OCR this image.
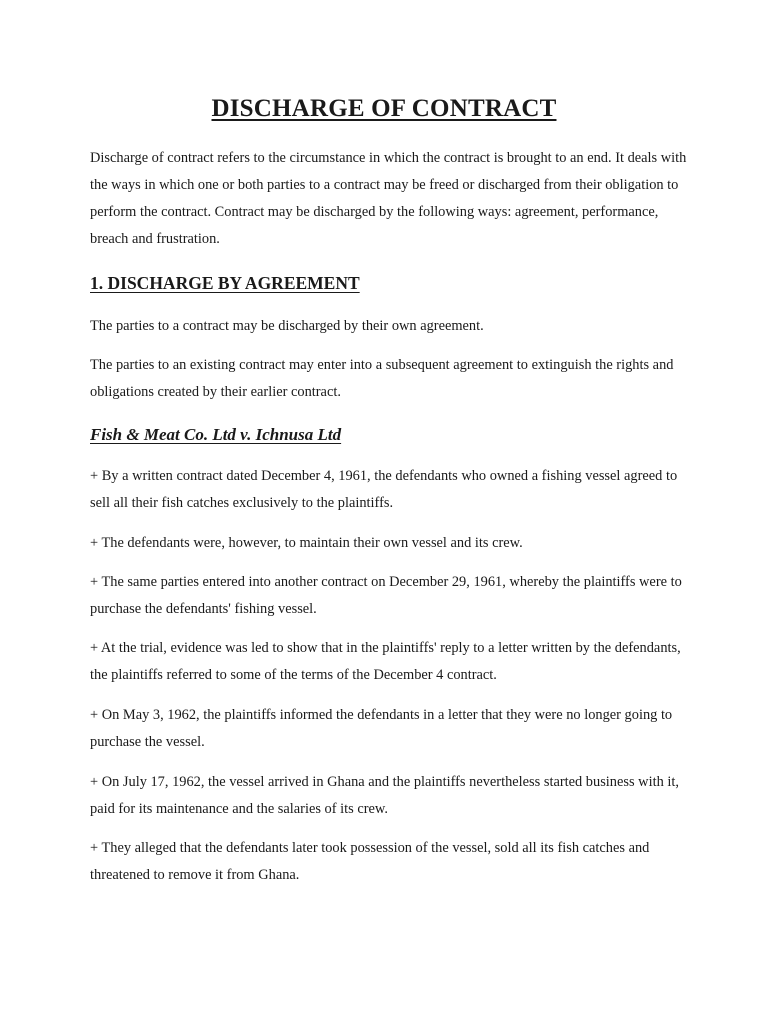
DISCHARGE OF CONTRACT

Discharge of contract refers to the circumstance in which the contract is brought to an end. It deals with the ways in which one or both parties to a contract may be freed or discharged from their obligation to perform the contract. Contract may be discharged by the following ways: agreement, performance, breach and frustration.

1. DISCHARGE BY AGREEMENT

The parties to a contract may be discharged by their own agreement.

The parties to an existing contract may enter into a subsequent agreement to extinguish the rights and obligations created by their earlier contract.

Fish & Meat Co. Ltd v. Ichnusa Ltd

+ By a written contract dated December 4, 1961, the defendants who owned a fishing vessel agreed to sell all their fish catches exclusively to the plaintiffs.

+ The defendants were, however, to maintain their own vessel and its crew.

+ The same parties entered into another contract on December 29, 1961, whereby the plaintiffs were to purchase the defendants' fishing vessel.

+ At the trial, evidence was led to show that in the plaintiffs' reply to a letter written by the defendants, the plaintiffs referred to some of the terms of the December 4 contract.

+ On May 3, 1962, the plaintiffs informed the defendants in a letter that they were no longer going to purchase the vessel.

+ On July 17, 1962, the vessel arrived in Ghana and the plaintiffs nevertheless started business with it, paid for its maintenance and the salaries of its crew.

+ They alleged that the defendants later took possession of the vessel, sold all its fish catches and threatened to remove it from Ghana.
